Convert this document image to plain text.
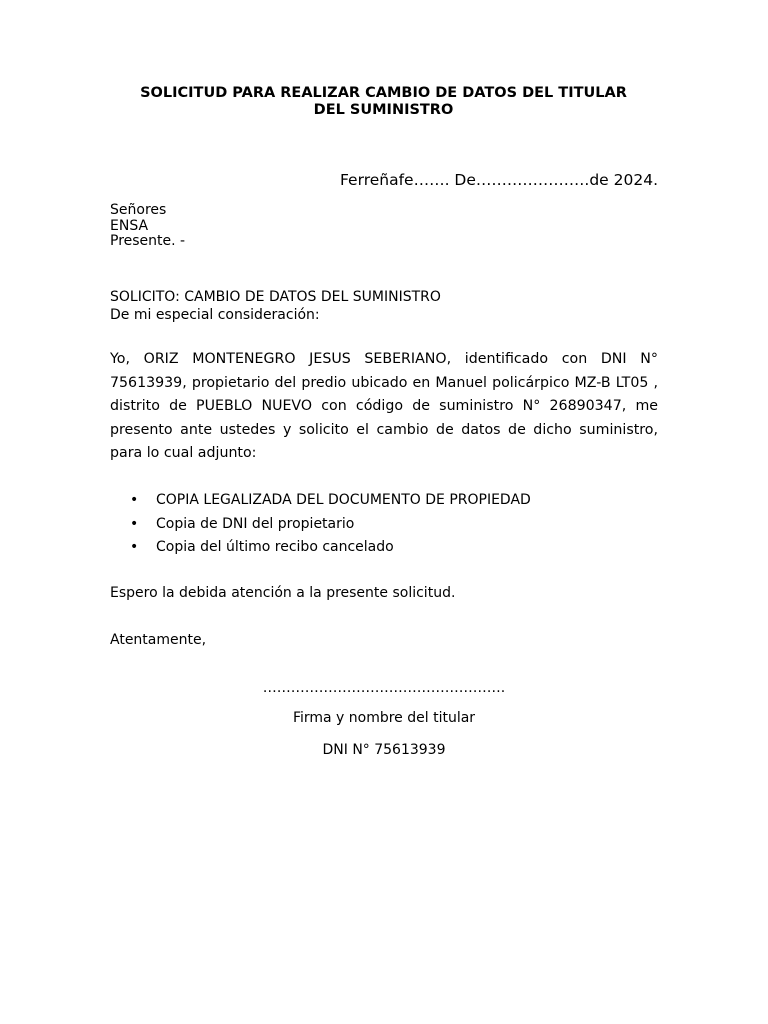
SOLICITUD PARA REALIZAR CAMBIO DE DATOS DEL TITULAR
DEL SUMINISTRO
Ferreñafe……. De………………….de 2024.
Señores
ENSA
Presente. -
SOLICITO: CAMBIO DE DATOS DEL SUMINISTRO
De mi especial consideración:
Yo, ORIZ MONTENEGRO JESUS SEBERIANO, identificado con DNI N° 75613939, propietario del predio ubicado en Manuel policárpico MZ-B LT05 , distrito de PUEBLO NUEVO con código de suministro N° 26890347, me presento ante ustedes y solicito el cambio de datos de dicho suministro, para lo cual adjunto:
• COPIA LEGALIZADA DEL DOCUMENTO DE PROPIEDAD
• Copia de DNI del propietario
• Copia del último recibo cancelado
Espero la debida atención a la presente solicitud.
Atentamente,
…………………………………………….
Firma y nombre del titular
DNI N° 75613939
